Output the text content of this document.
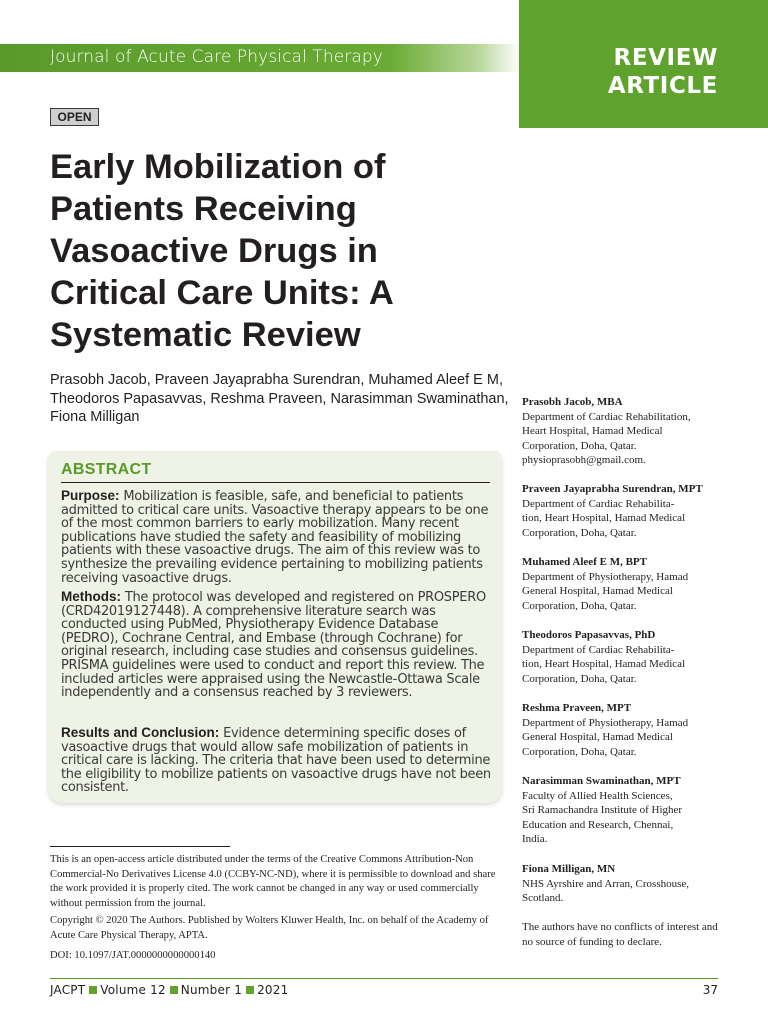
Journal of Acute Care Physical Therapy	REVIEW
ARTICLE
OPEN
Early Mobilization of Patients Receiving Vasoactive Drugs in Critical Care Units: A Systematic Review
Prasobh Jacob, Praveen Jayaprabha Surendran, Muhamed Aleef E M, Theodoros Papasavvas, Reshma Praveen, Narasimman Swaminathan, Fiona Milligan
ABSTRACT

Purpose: Mobilization is feasible, safe, and beneficial to patients admitted to critical care units. Vasoactive therapy appears to be one of the most common barriers to early mobilization. Many recent publications have studied the safety and feasibility of mobilizing patients with these vasoactive drugs. The aim of this review was to synthesize the prevailing evidence pertaining to mobilizing patients receiving vasoactive drugs.

Methods: The protocol was developed and registered on PROSPERO (CRD42019127448). A comprehensive literature search was conducted using PubMed, Physiotherapy Evidence Database (PEDRO), Cochrane Central, and Embase (through Cochrane) for original research, including case studies and consensus guidelines. PRISMA guidelines were used to conduct and report this review. The included articles were appraised using the Newcastle-Ottawa Scale independently and a consensus reached by 3 reviewers.

Results and Conclusion: Evidence determining specific doses of vasoactive drugs that would allow safe mobilization of patients in critical care is lacking. The criteria that have been used to determine the eligibility to mobilize patients on vasoactive drugs have not been consistent.

This is an open-access article distributed under the terms of the Creative Commons Attribution-Non Commercial-No Derivatives License 4.0 (CCBY-NC-ND), where it is permissible to download and share the work provided it is properly cited. The work cannot be changed in any way or used commercially without permission from the journal.

Copyright © 2020 The Authors. Published by Wolters Kluwer Health, Inc. on behalf of the Academy of Acute Care Physical Therapy, APTA.

DOI: 10.1097/JAT.0000000000000140

Prasobh Jacob, MBA
Department of Cardiac Rehabilitation,
Heart Hospital, Hamad Medical
Corporation, Doha, Qatar.
physioprasobh@gmail.com.
Praveen Jayaprabha Surendran, MPT
Department of Cardiac Rehabilita-
tion, Heart Hospital, Hamad Medical
Corporation, Doha, Qatar.
Muhamed Aleef E M, BPT
Department of Physiotherapy, Hamad
General Hospital, Hamad Medical
Corporation, Doha, Qatar.
Theodoros Papasavvas, PhD
Department of Cardiac Rehabilita-
tion, Heart Hospital, Hamad Medical
Corporation, Doha, Qatar.
Reshma Praveen, MPT
Department of Physiotherapy, Hamad
General Hospital, Hamad Medical
Corporation, Doha, Qatar.
Narasimman Swaminathan, MPT
Faculty of Allied Health Sciences,
Sri Ramachandra Institute of Higher
Education and Research, Chennai,
India.
Fiona Milligan, MN
NHS Ayrshire and Arran, Crosshouse,
Scotland.
The authors have no conflicts of interest and no source of funding to declare.
JACPT Volume 12 Number 1 2021	37
